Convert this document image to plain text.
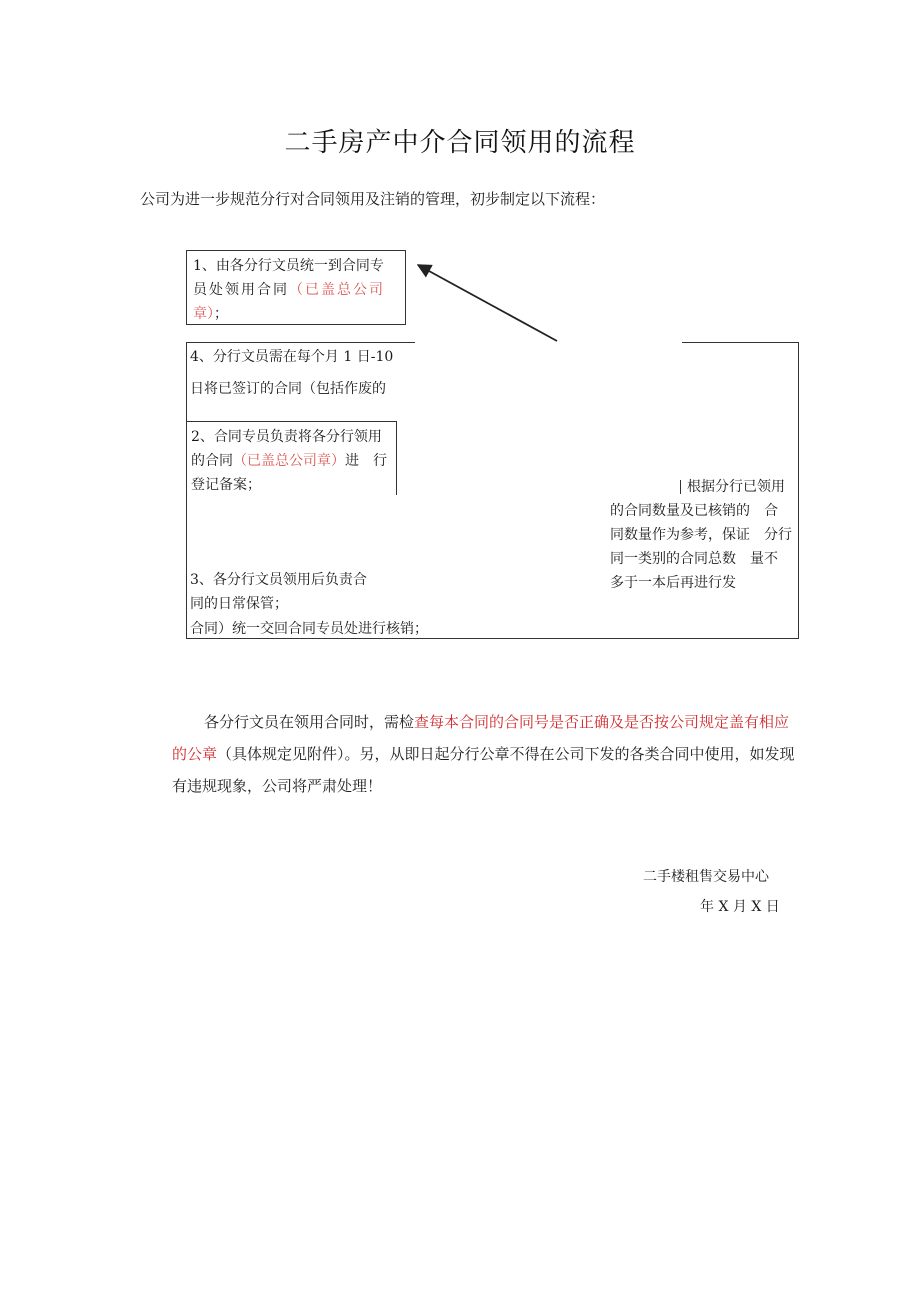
二手房产中介合同领用的流程
公司为进一步规范分行对合同领用及注销的管理，初步制定以下流程：
1、由各分行文员统一到合同专
员处领用合同（已盖总公司
章）；
4、分行文员需在每个月 1 日-10
日将已签订的合同（包括作废的
2、合同专员负责将各分行领用
的合同（已盖总公司章）进　行
登记备案；
3、各分行文员领用后负责合
同的日常保管；
合同）统一交回合同专员处进行核销；
根据分行已领用
的合同数量及已核销的　合
同数量作为参考，保证　分行
同一类别的合同总数　量不
多于一本后再进行发
各分行文员在领用合同时，需检查每本合同的合同号是否正确及是否按公司规定盖有相应的公章（具体规定见附件）。另，从即日起分行公章不得在公司下发的各类合同中使用，如发现有违规现象，公司将严肃处理！
二手楼租售交易中心
年 X 月 X 日
